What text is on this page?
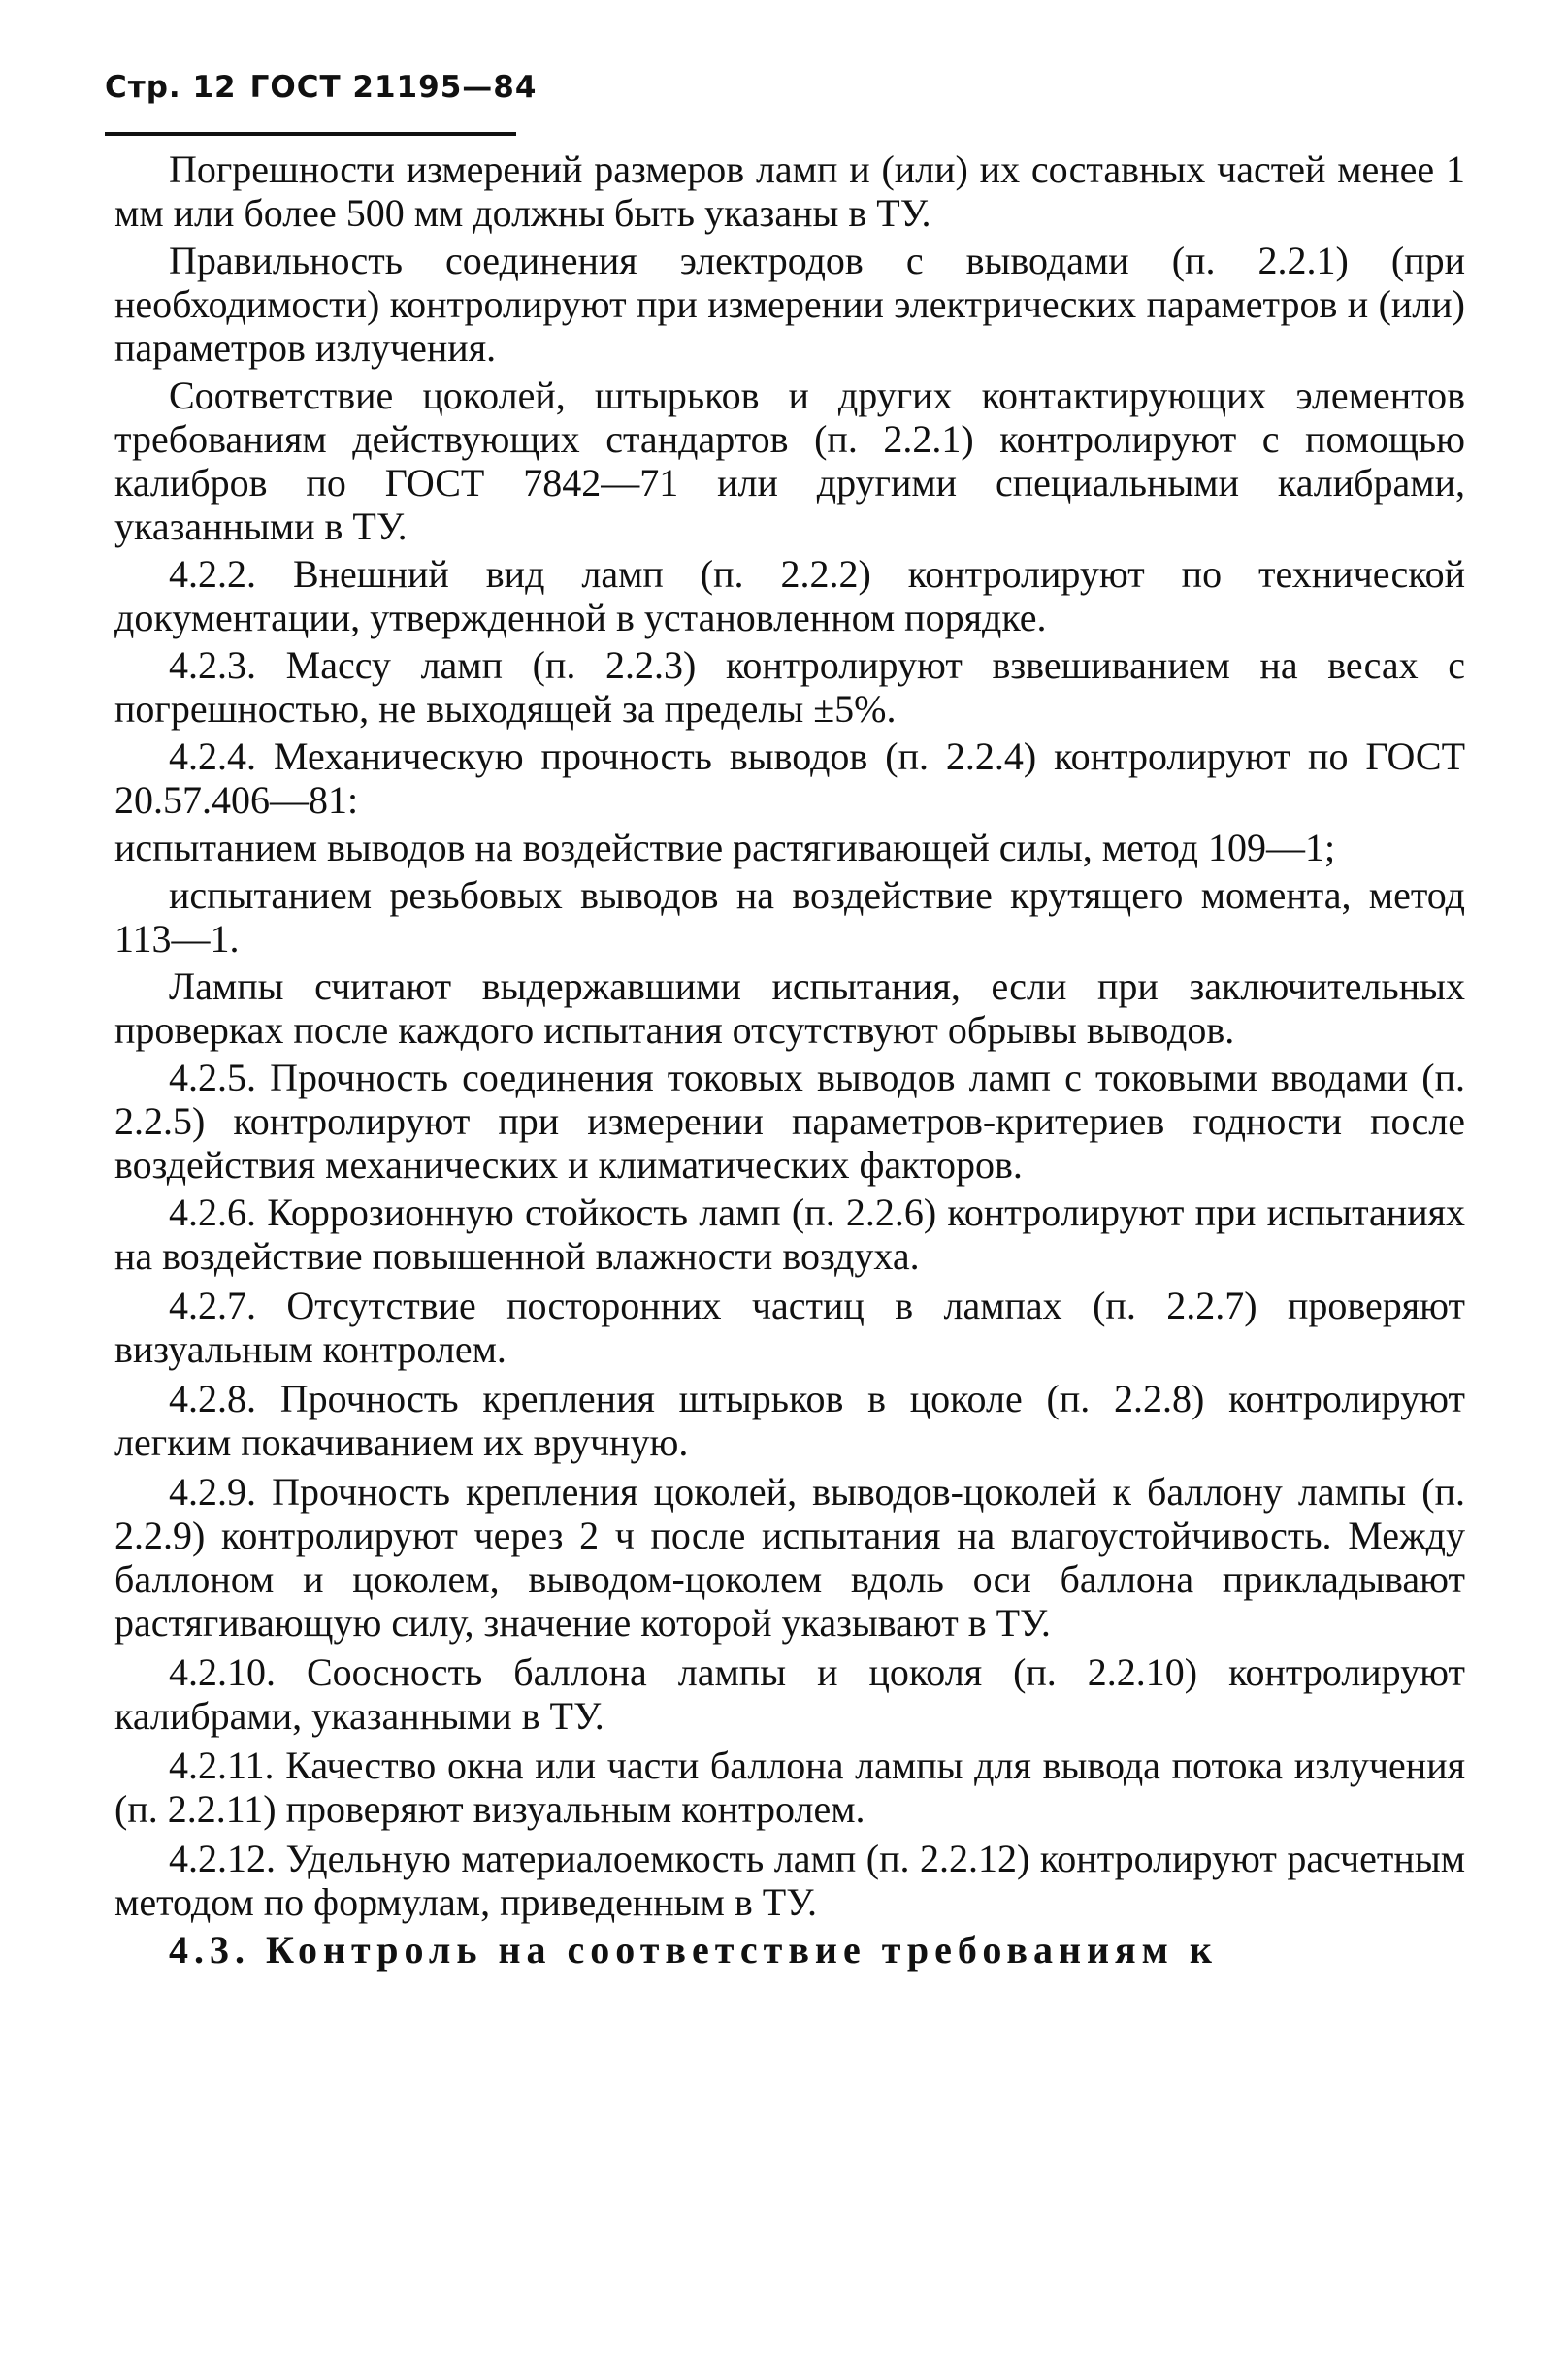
Стр. 12 ГОСТ 21195—84

Погрешности измерений размеров ламп и (или) их составных частей менее 1 мм или более 500 мм должны быть указаны в ТУ.

Правильность соединения электродов с выводами (п. 2.2.1) (при необходимости) контролируют при измерении электрических параметров и (или) параметров излучения.

Соответствие цоколей, штырьков и других контактирующих элементов требованиям действующих стандартов (п. 2.2.1) контролируют с помощью калибров по ГОСТ 7842—71 или другими специальными калибрами, указанными в ТУ.

4.2.2. Внешний вид ламп (п. 2.2.2) контролируют по технической документации, утвержденной в установленном порядке.

4.2.3. Массу ламп (п. 2.2.3) контролируют взвешиванием на весах с погрешностью, не выходящей за пределы ±5%.

4.2.4. Механическую прочность выводов (п. 2.2.4) контролируют по ГОСТ 20.57.406—81:

испытанием выводов на воздействие растягивающей силы, метод 109—1;

испытанием резьбовых выводов на воздействие крутящего момента, метод 113—1.

Лампы считают выдержавшими испытания, если при заключительных проверках после каждого испытания отсутствуют обрывы выводов.

4.2.5. Прочность соединения токовых выводов ламп с токовыми вводами (п. 2.2.5) контролируют при измерении параметров-критериев годности после воздействия механических и климатических факторов.

4.2.6. Коррозионную стойкость ламп (п. 2.2.6) контролируют при испытаниях на воздействие повышенной влажности воздуха.

4.2.7. Отсутствие посторонних частиц в лампах (п. 2.2.7) проверяют визуальным контролем.

4.2.8. Прочность крепления штырьков в цоколе (п. 2.2.8) контролируют легким покачиванием их вручную.

4.2.9. Прочность крепления цоколей, выводов-цоколей к баллону лампы (п. 2.2.9) контролируют через 2 ч после испытания на влагоустойчивость. Между баллоном и цоколем, выводом-цоколем вдоль оси баллона прикладывают растягивающую силу, значение которой указывают в ТУ.

4.2.10. Соосность баллона лампы и цоколя (п. 2.2.10) контролируют калибрами, указанными в ТУ.

4.2.11. Качество окна или части баллона лампы для вывода потока излучения (п. 2.2.11) проверяют визуальным контролем.

4.2.12. Удельную материалоемкость ламп (п. 2.2.12) контролируют расчетным методом по формулам, приведенным в ТУ.

4.3. Контроль на соответствие требованиям к
